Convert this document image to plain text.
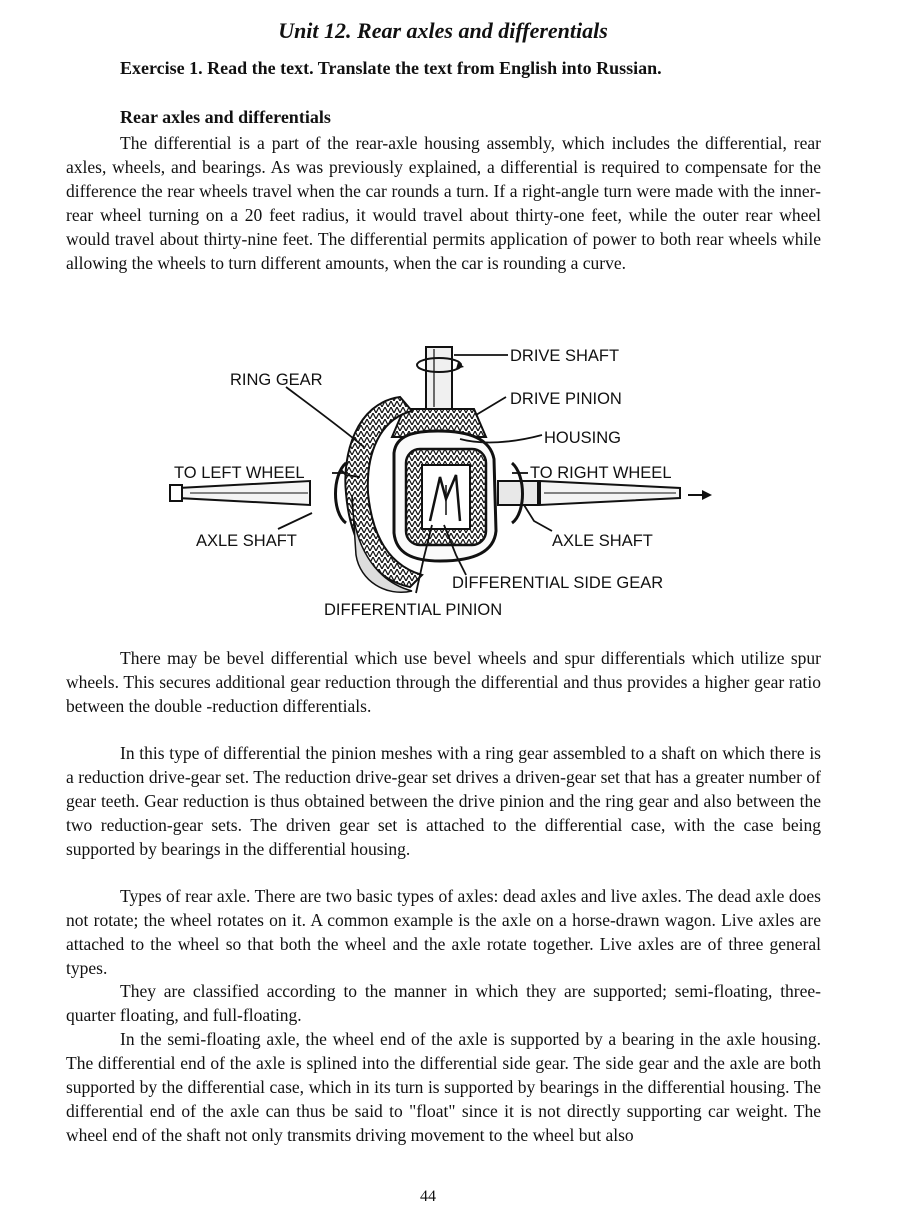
Unit 12. Rear axles and differentials

Exercise 1. Read the text. Translate the text from English into Russian.

Rear axles and differentials

The differential is a part of the rear-axle housing assembly, which includes the differential, rear axles, wheels, and bearings. As was previously explained, a differential is required to compensate for the difference the rear wheels travel when the car rounds a turn. If a right-angle turn were made with the inner-rear wheel turning on a 20 feet radius, it would travel about thirty-one feet, while the outer rear wheel would travel about thirty-nine feet. The differential permits application of power to both rear wheels while allowing the wheels to turn different amounts, when the car is rounding a curve.

DRIVE SHAFT
RING GEAR
DRIVE PINION
HOUSING
TO LEFT WHEEL	TO RIGHT WHEEL
AXLE SHAFT	AXLE SHAFT
DIFFERENTIAL SIDE GEAR
DIFFERENTIAL PINION

There may be bevel differential which use bevel wheels and spur differentials which utilize spur wheels. This secures additional gear reduction through the differential and thus provides a higher gear ratio between the double -reduction differentials.

In this type of differential the pinion meshes with a ring gear assembled to a shaft on which there is a reduction drive-gear set. The reduction drive-gear set drives a driven-gear set that has a greater number of gear teeth. Gear reduction is thus obtained between the drive pinion and the ring gear and also between the two reduction-gear sets. The driven gear set is attached to the differential case, with the case being supported by bearings in the differential housing.

Types of rear axle. There are two basic types of axles: dead axles and live axles. The dead axle does not rotate; the wheel rotates on it. A common example is the axle on a horse-drawn wagon. Live axles are attached to the wheel so that both the wheel and the axle rotate together. Live axles are of three general types.

They are classified according to the manner in which they are supported; semi-floating, three-quarter floating, and full-floating.

In the semi-floating axle, the wheel end of the axle is supported by a bearing in the axle housing. The differential end of the axle is splined into the differential side gear. The side gear and the axle are both supported by the differential case, which in its turn is supported by bearings in the differential housing. The differential end of the axle can thus be said to "float" since it is not directly supporting car weight. The wheel end of the shaft not only transmits driving movement to the wheel but also

44
